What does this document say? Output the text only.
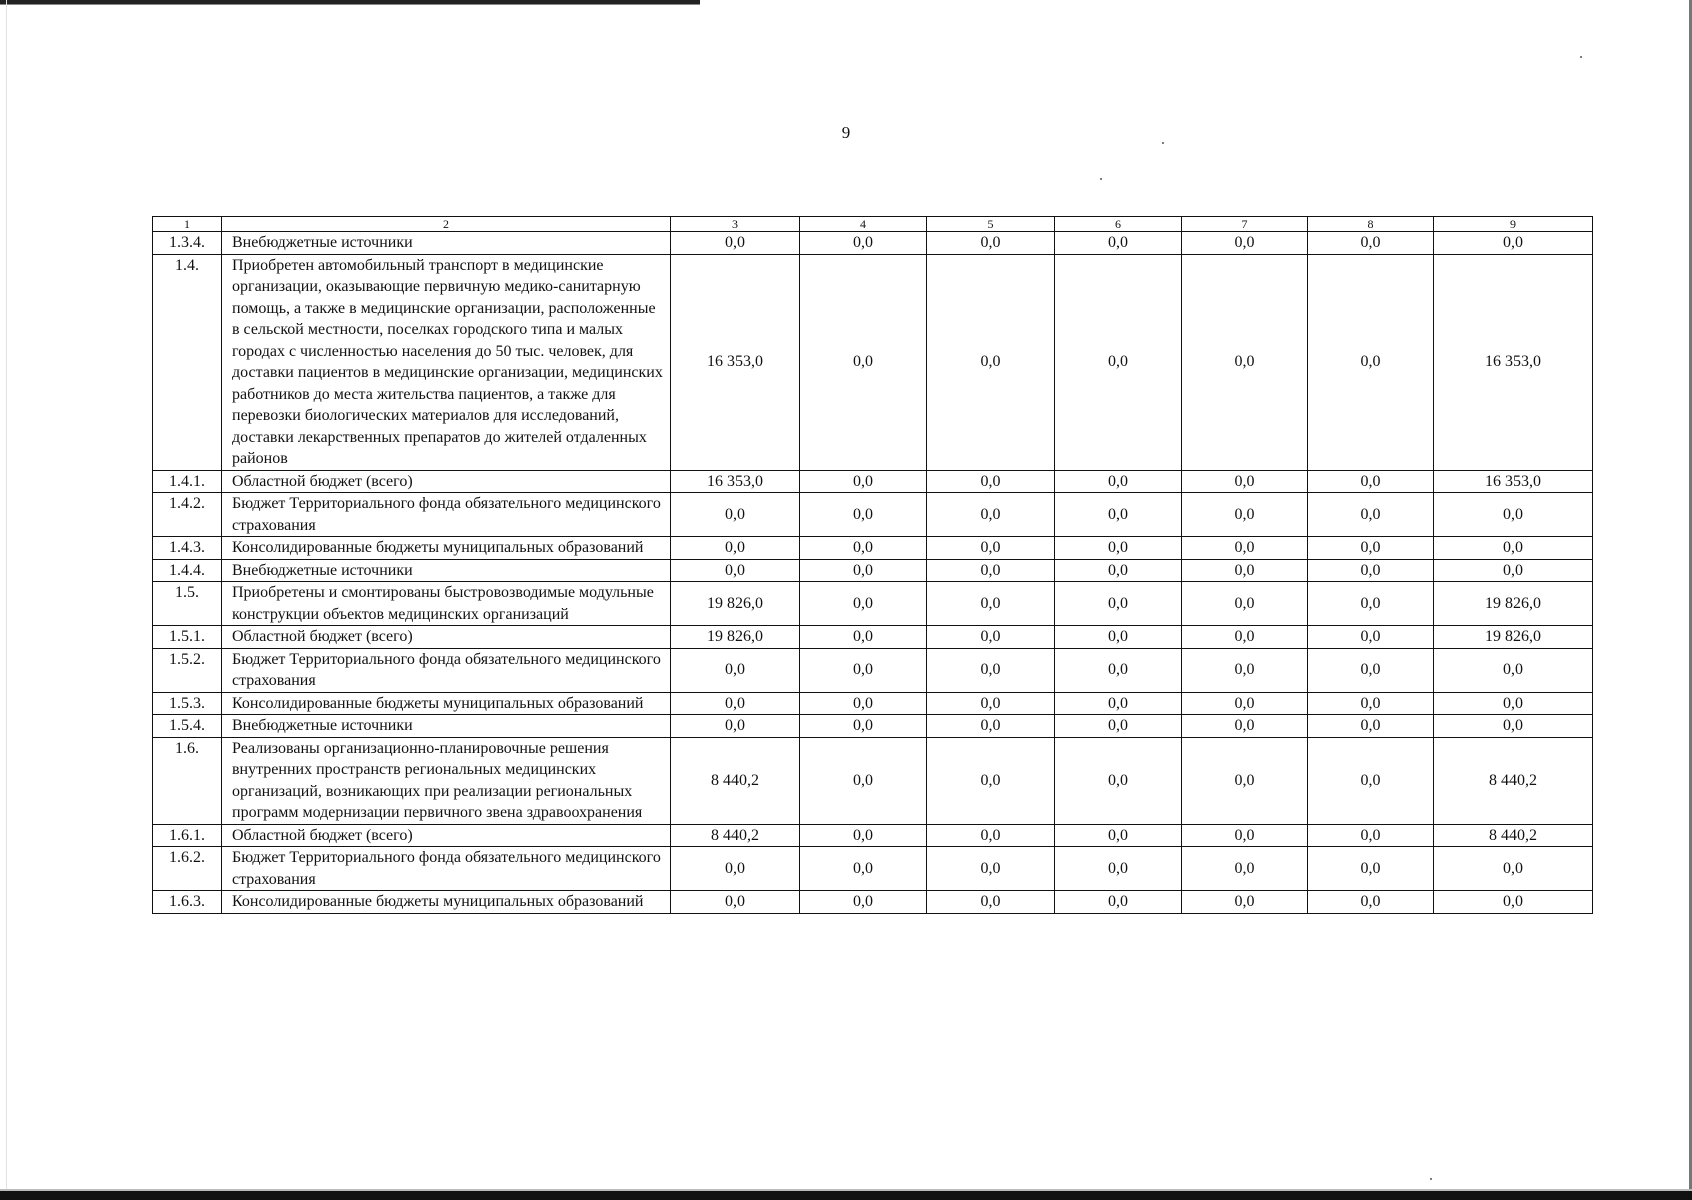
9
1	2	3	4	5	6	7	8	9
1.3.4.	Внебюджетные источники	0,0	0,0	0,0	0,0	0,0	0,0	0,0
1.4.	Приобретен автомобильный транспорт в медицинские организации, оказывающие первичную медико-санитарную помощь, а также в медицинские организации, расположенные в сельской местности, поселках городского типа и малых городах с численностью населения до 50 тыс. человек, для доставки пациентов в медицинские организации, медицинских работников до места жительства пациентов, а также для перевозки биологических материалов для исследований, доставки лекарственных препаратов до жителей отдаленных районов	16 353,0	0,0	0,0	0,0	0,0	0,0	16 353,0
1.4.1.	Областной бюджет (всего)	16 353,0	0,0	0,0	0,0	0,0	0,0	16 353,0
1.4.2.	Бюджет Территориального фонда обязательного медицинского страхования	0,0	0,0	0,0	0,0	0,0	0,0	0,0
1.4.3.	Консолидированные бюджеты муниципальных образований	0,0	0,0	0,0	0,0	0,0	0,0	0,0
1.4.4.	Внебюджетные источники	0,0	0,0	0,0	0,0	0,0	0,0	0,0
1.5.	Приобретены и смонтированы быстровозводимые модульные конструкции объектов медицинских организаций	19 826,0	0,0	0,0	0,0	0,0	0,0	19 826,0
1.5.1.	Областной бюджет (всего)	19 826,0	0,0	0,0	0,0	0,0	0,0	19 826,0
1.5.2.	Бюджет Территориального фонда обязательного медицинского страхования	0,0	0,0	0,0	0,0	0,0	0,0	0,0
1.5.3.	Консолидированные бюджеты муниципальных образований	0,0	0,0	0,0	0,0	0,0	0,0	0,0
1.5.4.	Внебюджетные источники	0,0	0,0	0,0	0,0	0,0	0,0	0,0
1.6.	Реализованы организационно-планировочные решения внутренних пространств региональных медицинских организаций, возникающих при реализации региональных программ модернизации первичного звена здравоохранения	8 440,2	0,0	0,0	0,0	0,0	0,0	8 440,2
1.6.1.	Областной бюджет (всего)	8 440,2	0,0	0,0	0,0	0,0	0,0	8 440,2
1.6.2.	Бюджет Территориального фонда обязательного медицинского страхования	0,0	0,0	0,0	0,0	0,0	0,0	0,0
1.6.3.	Консолидированные бюджеты муниципальных образований	0,0	0,0	0,0	0,0	0,0	0,0	0,0
